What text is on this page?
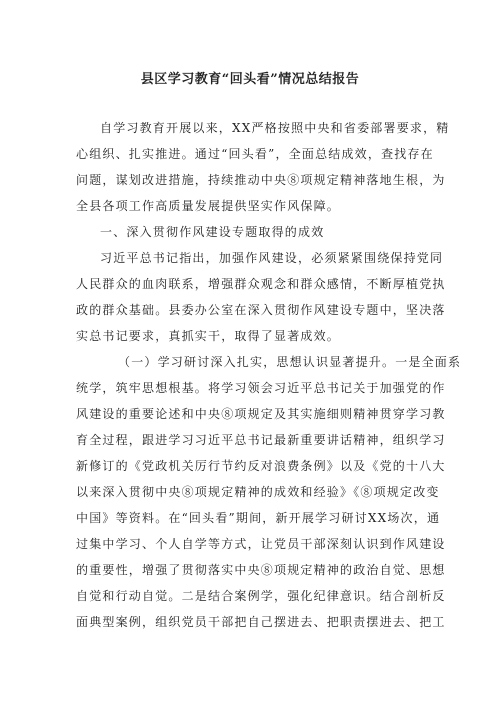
县区学习教育“回头看”情况总结报告
自学习教育开展以来，XX严格按照中央和省委部署要求，精
心组织、扎实推进。通过“回头看”，全面总结成效，查找存在
问题，谋划改进措施，持续推动中央⑧项规定精神落地生根，为
全县各项工作高质量发展提供坚实作风保障。
一、深入贯彻作风建设专题取得的成效
习近平总书记指出，加强作风建设，必须紧紧围绕保持党同
人民群众的血肉联系，增强群众观念和群众感情，不断厚植党执
政的群众基础。县委办公室在深入贯彻作风建设专题中，坚决落
实总书记要求，真抓实干，取得了显著成效。
（一）学习研讨深入扎实，思想认识显著提升。一是全面系
统学，筑牢思想根基。将学习领会习近平总书记关于加强党的作
风建设的重要论述和中央⑧项规定及其实施细则精神贯穿学习教
育全过程，跟进学习习近平总书记最新重要讲话精神，组织学习
新修订的《党政机关厉行节约反对浪费条例》以及《党的十八大
以来深入贯彻中央⑧项规定精神的成效和经验》《⑧项规定改变
中国》等资料。在“回头看”期间，新开展学习研讨XX场次，通
过集中学习、个人自学等方式，让党员干部深刻认识到作风建设
的重要性，增强了贯彻落实中央⑧项规定精神的政治自觉、思想
自觉和行动自觉。二是结合案例学，强化纪律意识。结合剖析反
面典型案例，组织党员干部把自己摆进去、把职责摆进去、把工
